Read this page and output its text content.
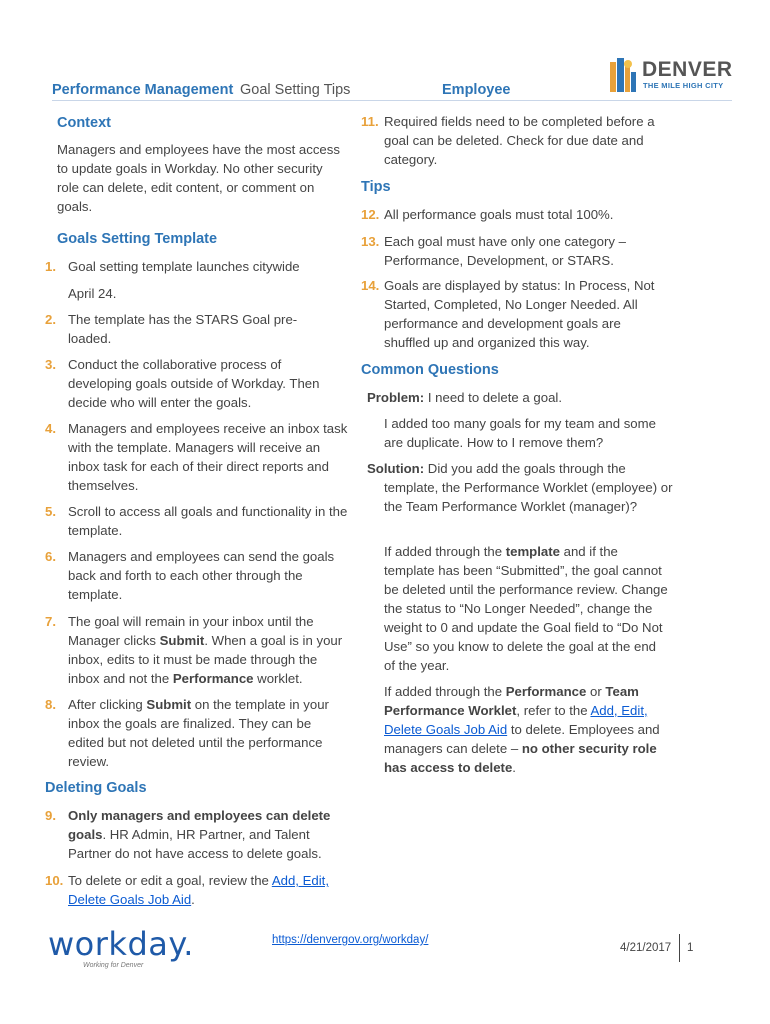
Performance Management Goal Setting Tips	Employee
DENVER
THE MILE HIGH CITY
Context
Managers and employees have the most access to update goals in Workday. No other security role can delete, edit content, or comment on goals.
Goals Setting Template
1. Goal setting template launches citywide
April 24.
2. The template has the STARS Goal pre-loaded.
3. Conduct the collaborative process of developing goals outside of Workday. Then decide who will enter the goals.
4. Managers and employees receive an inbox task with the template. Managers will receive an inbox task for each of their direct reports and themselves.
5. Scroll to access all goals and functionality in the template.
6. Managers and employees can send the goals back and forth to each other through the template.
7. The goal will remain in your inbox until the Manager clicks Submit. When a goal is in your inbox, edits to it must be made through the inbox and not the Performance worklet.
8. After clicking Submit on the template in your inbox the goals are finalized. They can be edited but not deleted until the performance review.
Deleting Goals
9. Only managers and employees can delete goals. HR Admin, HR Partner, and Talent Partner do not have access to delete goals.
10. To delete or edit a goal, review the Add, Edit, Delete Goals Job Aid.
11. Required fields need to be completed before a goal can be deleted. Check for due date and category.
Tips
12. All performance goals must total 100%.
13. Each goal must have only one category – Performance, Development, or STARS.
14. Goals are displayed by status: In Process, Not Started, Completed, No Longer Needed. All performance and development goals are shuffled up and organized this way.
Common Questions
Problem: I need to delete a goal.
I added too many goals for my team and some are duplicate. How to I remove them?
Solution: Did you add the goals through the template, the Performance Worklet (employee) or the Team Performance Worklet (manager)?
If added through the template and if the template has been “Submitted”, the goal cannot be deleted until the performance review. Change the status to “No Longer Needed”, change the weight to 0 and update the Goal field to “Do Not Use” so you know to delete the goal at the end of the year.
If added through the Performance or Team Performance Worklet, refer to the Add, Edit, Delete Goals Job Aid to delete. Employees and managers can delete – no other security role has access to delete.
workday.
Working for Denver
https://denvergov.org/workday/
4/21/2017 1
